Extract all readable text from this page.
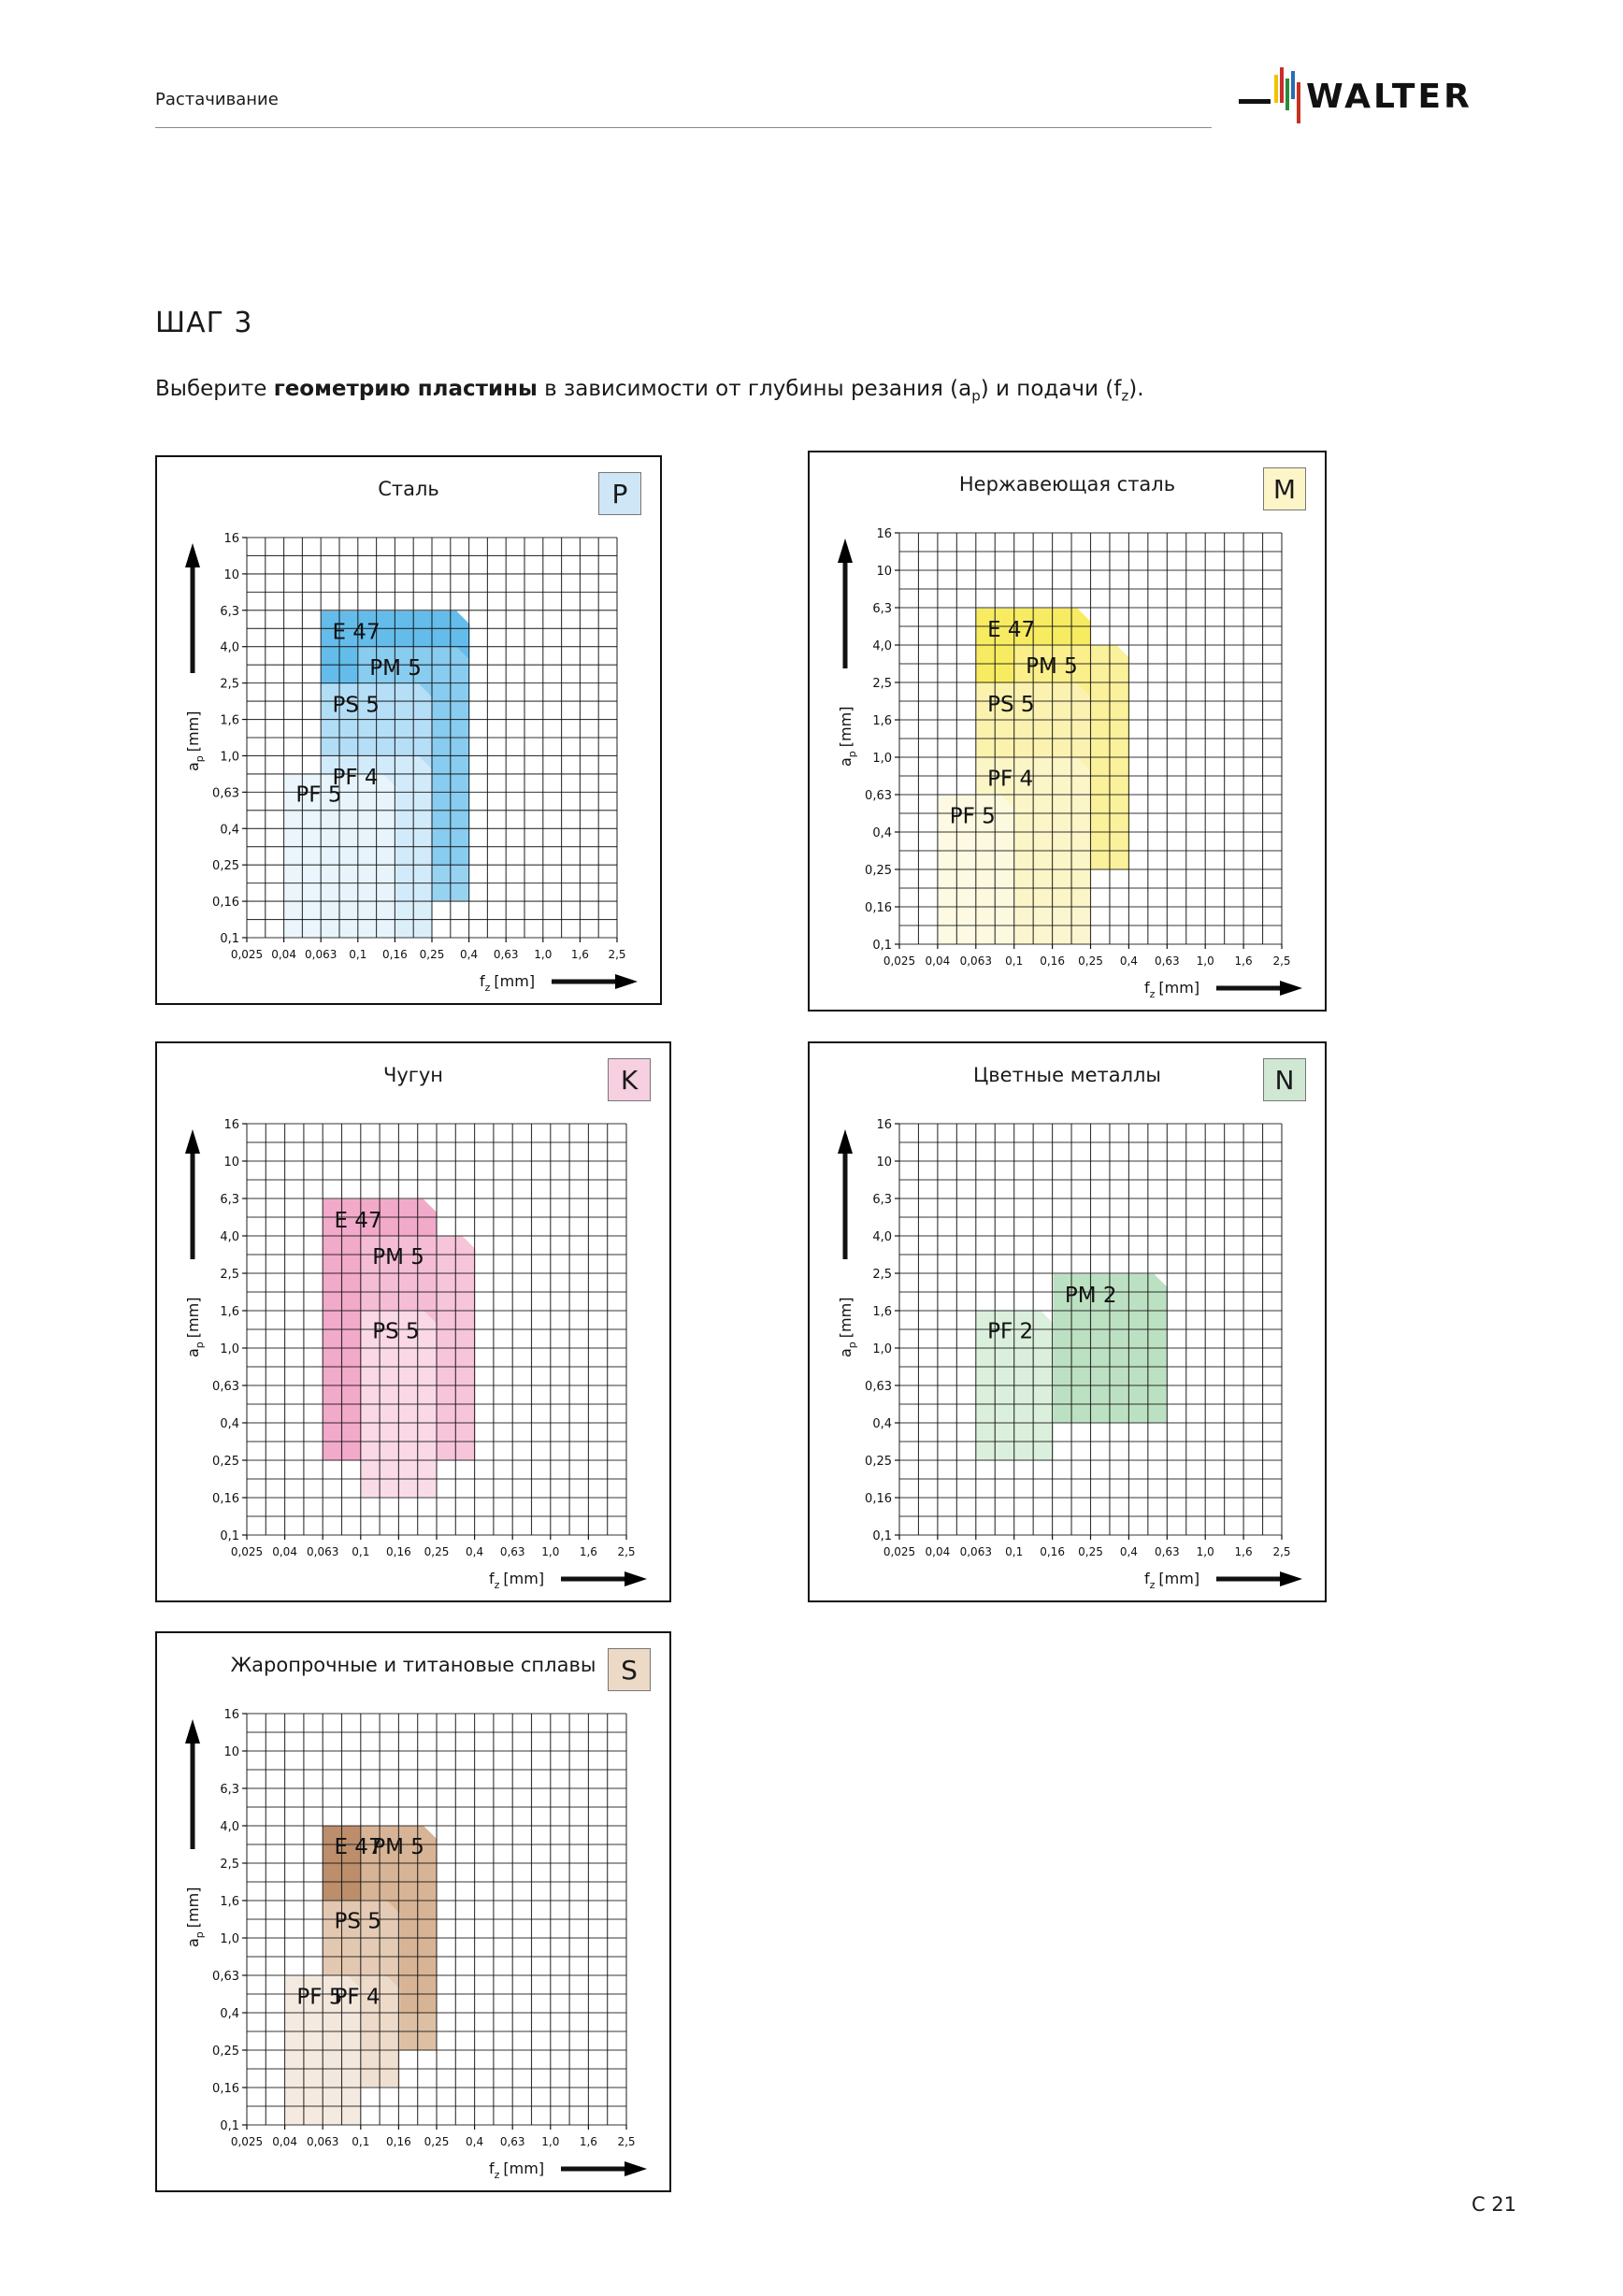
Растачивание	WALTER
ШАГ 3
Выберите геометрию пластины в зависимости от глубины резания $(a_p)$ и подачи $(f_z)$.
Сталь	P
E 47
PM 5
PS 5
PF 4
PF 5
16
10
6,3
4,0
2,5
1,6
1,0
0,63
0,4
0,25
0,16
0,1
0,025 0,04 0,063 0,1 0,16 0,25 0,4 0,63 1,0 1,6 2,5
$a_p[mm]$
$f_z$ [mm]
Нержавеющая сталь	M
E 47
PM 5
PS 5
PF 4
PF 5
16
10
6,3
4,0
2,5
1,6
1,0
0,63
0,4
0,25
0,16
0,1
0,025 0,04 0,063 0,1 0,16 0,25 0,4 0,63 1,0 1,6 2,5
$a_p[mm]$
$f_z$ [mm]
Чугун	K
E 47
PM 5
PS 5
16
10
6,3
4,0
2,5
1,6
1,0
0,63
0,4
0,25
0,16
0,1
0,025 0,04 0,063 0,1 0,16 0,25 0,4 0,63 1,0 1,6 2,5
$a_p[mm]$
$f_z$ [mm]
Цветные металлы	N
PM 2
PF 2
16
10
6,3
4,0
2,5
1,6
1,0
0,63
0,4
0,25
0,16
0,1
0,025 0,04 0,063 0,1 0,16 0,25 0,4 0,63 1,0 1,6 2,5
$a_p[mm]$
$f_z$ [mm]
Жаропрочные и титановые сплавы S
E 47
PM 5
PS 5
PF 4
PF 5
16
10
6,3
4,0
2,5
1,6
1,0
0,63
0,4
0,25
0,16
0,1
0,025 0,04 0,063 0,1 0,16 0,25 0,4 0,63 1,0 1,6 2,5
$a_p[mm]$
$f_z$ [mm]
C 21
